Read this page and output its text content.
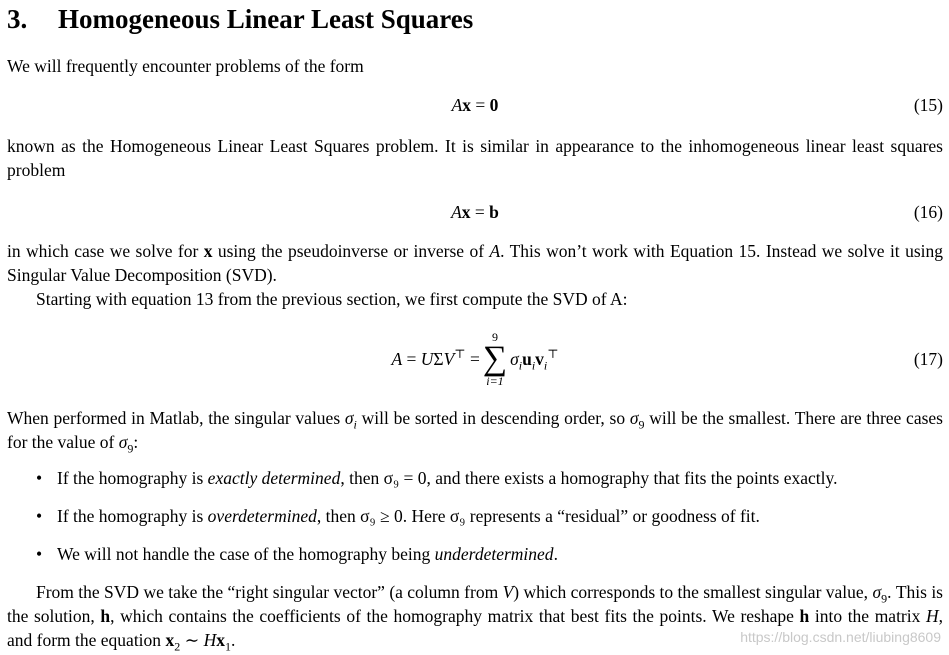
3. Homogeneous Linear Least Squares

We will frequently encounter problems of the form

Ax = 0	(15)

known as the Homogeneous Linear Least Squares problem. It is similar in appearance to the inhomogeneous linear least squares problem

Ax = b	(16)

in which case we solve for x using the pseudoinverse or inverse of A. This won’t work with Equation 15. Instead we solve it using Singular Value Decomposition (SVD).

Starting with equation 13 from the previous section, we first compute the SVD of A:

A = UΣV⊤ =
9
∑
i=1
$\sigma_iu_iv_i^⊤$	(17)

When performed in Matlab, the singular values $\sigma_i$ will be sorted in descending order, so $\sigma_9$ will be the smallest. There are three cases for the value of $\sigma_9$:

• If the homography is exactly determined, then σ₉ = 0, and there exists a homography that fits the points exactly.
• If the homography is overdetermined, then σ₉ ≥ 0. Here σ₉ represents a “residual” or goodness of fit.
• We will not handle the case of the homography being underdetermined.

From the SVD we take the “right singular vector” (a column from V) which corresponds to the smallest singular value, $\sigma_9$. This is the solution, h, which contains the coefficients of the homography matrix that best fits the points. We reshape h into the matrix H, and form the equation $x_2$ ∼ $Hx_1$.	https://blog.csdn.net/liubing8609
